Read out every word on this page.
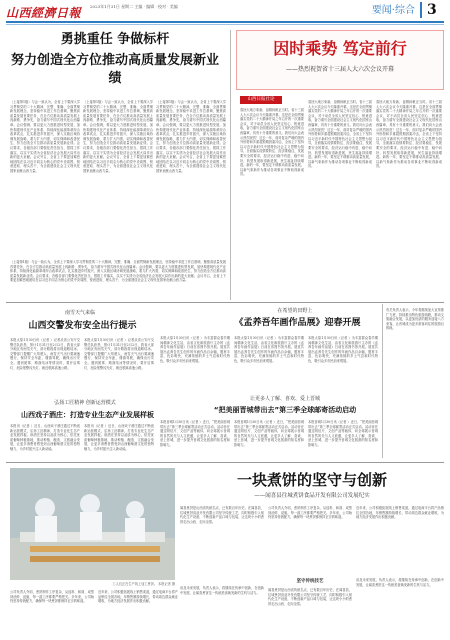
山西經濟日報	2023年1月31日 星期二 主编 · 编辑 · 校对 · 美编	要闻·综合 3
勇挑重任 争做标杆
努力创造全方位推动高质量发展新业绩
（上接第1版）与会一致认为，全省上下要深入学习贯彻党的二十大精神，完整、准确、全面贯彻新发展理念，坚持稳中求进工作总基调，聚焦高质量发展首要任务，在全方位推动高质量发展上闯新路、勇争先，奋力谱写中国式现代化山西篇章。会议强调，要以更大力度推进转型发展，加快构建现代化产业体系，持续深化能源革命综合改革试点，扎实推进乡村振兴，深入实施区域协调发展战略，着力扩大内需，切实保障和改善民生，努力创造全方位推动高质量发展新业绩。会议要求，各级各部门要强化责任担当，狠抓工作落实，以实干实绩为全省经济社会发展大局作出新的更大贡献。会议号召，全省上下要更加紧密地团结在以习近平同志为核心的党中央周围，锐意进取、埋头苦干，为全面建设社会主义现代化国家贡献山西力量。
（上接第1版）与会一致认为，全省上下要深入学习贯彻党的二十大精神，完整、准确、全面贯彻新发展理念，坚持稳中求进工作总基调，聚焦高质量发展首要任务，在全方位推动高质量发展上闯新路、勇争先，奋力谱写中国式现代化山西篇章。会议强调，要以更大力度推进转型发展，加快构建现代化产业体系，持续深化能源革命综合改革试点，扎实推进乡村振兴，深入实施区域协调发展战略，着力扩大内需，切实保障和改善民生，努力创造全方位推动高质量发展新业绩。会议要求，各级各部门要强化责任担当，狠抓工作落实，以实干实绩为全省经济社会发展大局作出新的更大贡献。会议号召，全省上下要更加紧密地团结在以习近平同志为核心的党中央周围，锐意进取、埋头苦干，为全面建设社会主义现代化国家贡献山西力量。
（上接第1版）与会一致认为，全省上下要深入学习贯彻党的二十大精神，完整、准确、全面贯彻新发展理念，坚持稳中求进工作总基调，聚焦高质量发展首要任务，在全方位推动高质量发展上闯新路、勇争先，奋力谱写中国式现代化山西篇章。会议强调，要以更大力度推进转型发展，加快构建现代化产业体系，持续深化能源革命综合改革试点，扎实推进乡村振兴，深入实施区域协调发展战略，着力扩大内需，切实保障和改善民生，努力创造全方位推动高质量发展新业绩。会议要求，各级各部门要强化责任担当，狠抓工作落实，以实干实绩为全省经济社会发展大局作出新的更大贡献。会议号召，全省上下要更加紧密地团结在以习近平同志为核心的党中央周围，锐意进取、埋头苦干，为全面建设社会主义现代化国家贡献山西力量。
（上接第1版）与会一致认为，全省上下要深入学习贯彻党的二十大精神，完整、准确、全面贯彻新发展理念，坚持稳中求进工作总基调，聚焦高质量发展首要任务，在全方位推动高质量发展上闯新路、勇争先，奋力谱写中国式现代化山西篇章。会议强调，要以更大力度推进转型发展，加快构建现代化产业体系，持续深化能源革命综合改革试点，扎实推进乡村振兴，深入实施区域协调发展战略，着力扩大内需，切实保障和改善民生，努力创造全方位推动高质量发展新业绩。会议要求，各级各部门要强化责任担当，狠抓工作落实，以实干实绩为全省经济社会发展大局作出新的更大贡献。会议号召，全省上下要更加紧密地团结在以习近平同志为核心的党中央周围，锐意进取、埋头苦干，为全面建设社会主义现代化国家贡献山西力量。
因时乘势 笃定前行
——热烈祝贺省十三届人大六次会议开幕
山西日报社论
春回大地万象新，奋楫扬帆正当时。省十三届人大六次会议今天隆重开幕。这是在全面贯彻落实党的二十大精神开局之年召开的一次重要会议，对于动员全省人民坚定信心、锐意进取，奋力谱写全面建设社会主义现代化国家山西篇章，具有十分重要的意义。我们向大会表示热烈祝贺！过去一年，面对复杂严峻的国内外形势和多重超预期因素冲击，全省上下坚持以习近平新时代中国特色社会主义思想为指导，全面落实疫情要防住、经济要稳住、发展要安全的要求，经济运行稳中有进、稳中向好，转型发展取得新进展，民生福祉持续增进。新的一年，要坚定不移推动高质量发展，以新气象新作为推动各项事业不断取得新成效。
春回大地万象新，奋楫扬帆正当时。省十三届人大六次会议今天隆重开幕。这是在全面贯彻落实党的二十大精神开局之年召开的一次重要会议，对于动员全省人民坚定信心、锐意进取，奋力谱写全面建设社会主义现代化国家山西篇章，具有十分重要的意义。我们向大会表示热烈祝贺！过去一年，面对复杂严峻的国内外形势和多重超预期因素冲击，全省上下坚持以习近平新时代中国特色社会主义思想为指导，全面落实疫情要防住、经济要稳住、发展要安全的要求，经济运行稳中有进、稳中向好，转型发展取得新进展，民生福祉持续增进。新的一年，要坚定不移推动高质量发展，以新气象新作为推动各项事业不断取得新成效。
春回大地万象新，奋楫扬帆正当时。省十三届人大六次会议今天隆重开幕。这是在全面贯彻落实党的二十大精神开局之年召开的一次重要会议，对于动员全省人民坚定信心、锐意进取，奋力谱写全面建设社会主义现代化国家山西篇章，具有十分重要的意义。我们向大会表示热烈祝贺！过去一年，面对复杂严峻的国内外形势和多重超预期因素冲击，全省上下坚持以习近平新时代中国特色社会主义思想为指导，全面落实疫情要防住、经济要稳住、发展要安全的要求，经济运行稳中有进、稳中向好，转型发展取得新进展，民生福祉持续增进。新的一年，要坚定不移推动高质量发展，以新气象新作为推动各项事业不断取得新成效。
南雪天气来临
山西交警发布安全出行提示
本报太原1月30日讯（记者 ）记者从省公安厅交警总队获悉，预计1月31日至2月2日，我省大部分地区有雨雪天气，部分路段将出现道路结冰。交警部门提醒广大驾驶人，雨雪天气出行要减速慢行，保持安全车距，谨慎驾驶，确保出行安全。遇到团雾、路面结冰等情况时，要开启雾灯、危险报警闪光灯，就近驶离高速公路。
本报太原1月30日讯（记者 ）记者从省公安厅交警总队获悉，预计1月31日至2月2日，我省大部分地区有雨雪天气，部分路段将出现道路结冰。交警部门提醒广大驾驶人，雨雪天气出行要减速慢行，保持安全车距，谨慎驾驶，确保出行安全。遇到团雾、路面结冰等情况时，要开启雾灯、危险报警闪光灯，就近驶离高速公路。
弘扬工匠精神 创新运营模式
山西戏子酒庄：打造专业生态产业发展样板
本报讯（记者 ）近日，山西戏子酒庄通过不断创新运营模式，弘扬工匠精神，打造专业化生态产业发展样板。该酒庄坚持以品质为核心，依托优质葡萄种植基地，推动种植、酿造、文旅融合发展，让更多消费者感受到山西葡萄酒文化的独特魅力，为乡村振兴注入新动能。
本报讯（记者 ）近日，山西戏子酒庄通过不断创新运营模式，弘扬工匠精神，打造专业化生态产业发展样板。该酒庄坚持以品质为核心，依托优质葡萄种植基地，推动种植、酿造、文旅融合发展，让更多消费者感受到山西葡萄酒文化的独特魅力，为乡村振兴注入新动能。
在希望的田野上
《孟养吾年画作品展》迎春开展
本报太原1月30日讯（记者 ）为丰富群众春节期间精神文化生活，由省文化和旅游厅主办的《孟养吾年画作品展》日前在省图书馆开展。展览共展出孟养吾先生创作的年画作品百余幅，题材丰富，色彩明快，充满浓郁的乡土气息和时代特色，吸引众多市民前来观展。
本报太原1月30日讯（记者 ）为丰富群众春节期间精神文化生活，由省文化和旅游厅主办的《孟养吾年画作品展》日前在省图书馆开展。展览共展出孟养吾先生创作的年画作品百余幅，题材丰富，色彩明快，充满浓郁的乡土气息和时代特色，吸引众多市民前来观展。
本报太原1月30日讯（记者 ）为丰富群众春节期间精神文化生活，由省文化和旅游厅主办的《孟养吾年画作品展》日前在省图书馆开展。展览共展出孟养吾先生创作的年画作品百余幅，题材丰富，色彩明快，充满浓郁的乡土气息和时代特色，吸引众多市民前来观展。
让更多人了解、喜欢、爱上晋城
“把美丽晋城带出去”第三季全球邮寄活动启动
本报晋城1月30日讯（记者 ）近日，“把美丽晋城带出去”第三季全球邮寄活动正式启动。活动旨在通过明信片、文创产品等载体，向全球展示晋城的自然风光与人文底蕴，让更多人了解、喜欢、爱上晋城，进一步提升晋城文化旅游的知名度和影响力。
本报晋城1月30日讯（记者 ）近日，“把美丽晋城带出去”第三季全球邮寄活动正式启动。活动旨在通过明信片、文创产品等载体，向全球展示晋城的自然风光与人文底蕴，让更多人了解、喜欢、爱上晋城，进一步提升晋城文化旅游的知名度和影响力。
本报晋城1月30日讯（记者 ）近日，“把美丽晋城带出去”第三季全球邮寄活动正式启动。活动旨在通过明信片、文创产品等载体，向全球展示晋城的自然风光与人文底蕴，让更多人了解、喜欢、爱上晋城，进一步提升晋城文化旅游的知名度和影响力。
有关负责人表示，今年将继续加大宣传推广力度，持续推出特色旅游线路，推动文旅融合发展，以更加优质的服务迎接八方来客，让晋城成为更多游客向往的旅游目的地。
一块煮饼的坚守与创新
——闻喜县往城煮饼食品开发有限公司发展纪实
工人们正在生产线上加工煮饼。 本报记者 摄
闻喜煮饼是山西省传统名点，已有数百年历史。在闻喜县，往城煮饼食品开发有限公司坚守传统工艺，同时积极引入现代化生产设备，不断创新产品口味与包装，让这块小小的煮饼走出山西、走向全国。
公司负责人介绍，煮饼制作工序复杂，从选料、和面、成型到油炸、浸蜜，每一道工序都要严格把关。多年来，公司始终坚持传统配方，确保每一块煮饼都保持正宗的味道。
近年来，公司积极拓展线上销售渠道，通过电商平台将产品销往全国各地，年销售额持续增长，带动周边群众就业增收，为地方经济发展作出积极贡献。
坚守传统技艺
公司负责人介绍，煮饼制作工序复杂，从选料、和面、成型到油炸、浸蜜，每一道工序都要严格把关。多年来，公司始终坚持传统配方，确保每一块煮饼都保持正宗的味道。
近年来，公司积极拓展线上销售渠道，通过电商平台将产品销往全国各地，年销售额持续增长，带动周边群众就业增收，为地方经济发展作出积极贡献。
谈及未来发展，负责人表示，将继续在传承中创新，在创新中发展，让闻喜煮饼这一传统美食焕发新的生机与活力。
闻喜煮饼是山西省传统名点，已有数百年历史。在闻喜县，往城煮饼食品开发有限公司坚守传统工艺，同时积极引入现代化生产设备，不断创新产品口味与包装，让这块小小的煮饼走出山西、走向全国。
谈及未来发展，负责人表示，将继续在传承中创新，在创新中发展，让闻喜煮饼这一传统美食焕发新的生机与活力。
